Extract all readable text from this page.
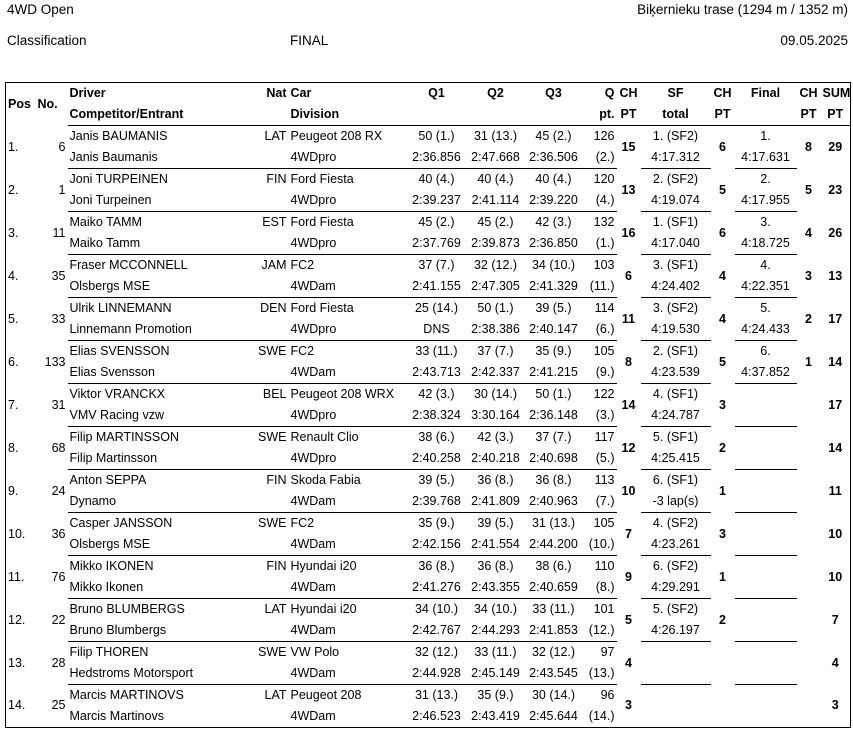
4WD Open	Biķernieku trase (1294 m / 1352 m)
Classification	FINAL	09.05.2025
Pos	No.	Driver	Nat	Car	Q1	Q2	Q3	Q	CH	SF	CH	Final	CH	SUM
		Competitor/Entrant		Division				pt.	PT	total	PT		PT	PT
1.	6	Janis BAUMANIS	LAT	Peugeot 208 RX	50 (1.)	31 (13.)	45 (2.)	126	15	1. (SF2)	6	1.	8	29
		Janis Baumanis		4WDpro	2:36.856	2:47.668	2:36.506	(2.)		4:17.312		4:17.631		
2.	1	Joni TURPEINEN	FIN	Ford Fiesta	40 (4.)	40 (4.)	40 (4.)	120	13	2. (SF2)	5	2.	5	23
		Joni Turpeinen		4WDpro	2:39.237	2:41.114	2:39.220	(4.)		4:19.074		4:17.955		
3.	11	Maiko TAMM	EST	Ford Fiesta	45 (2.)	45 (2.)	42 (3.)	132	16	1. (SF1)	6	3.	4	26
		Maiko Tamm		4WDpro	2:37.769	2:39.873	2:36.850	(1.)		4:17.040		4:18.725		
4.	35	Fraser MCCONNELL	JAM	FC2	37 (7.)	32 (12.)	34 (10.)	103	6	3. (SF1)	4	4.	3	13
		Olsbergs MSE		4WDam	2:41.155	2:47.305	2:41.329	(11.)		4:24.402		4:22.351		
5.	33	Ulrik LINNEMANN	DEN	Ford Fiesta	25 (14.)	50 (1.)	39 (5.)	114	11	3. (SF2)	4	5.	2	17
		Linnemann Promotion		4WDpro	DNS	2:38.386	2:40.147	(6.)		4:19.530		4:24.433		
6.	133	Elias SVENSSON	SWE	FC2	33 (11.)	37 (7.)	35 (9.)	105	8	2. (SF1)	5	6.	1	14
		Elias Svensson		4WDam	2:43.713	2:42.337	2:41.215	(9.)		4:23.539		4:37.852		
7.	31	Viktor VRANCKX	BEL	Peugeot 208 WRX	42 (3.)	30 (14.)	50 (1.)	122	14	4. (SF1)	3			17
		VMV Racing vzw		4WDpro	2:38.324	3:30.164	2:36.148	(3.)		4:24.787				
8.	68	Filip MARTINSSON	SWE	Renault Clio	38 (6.)	42 (3.)	37 (7.)	117	12	5. (SF1)	2			14
		Filip Martinsson		4WDpro	2:40.258	2:40.218	2:40.698	(5.)		4:25.415				
9.	24	Anton SEPPA	FIN	Skoda Fabia	39 (5.)	36 (8.)	36 (8.)	113	10	6. (SF1)	1			11
		Dynamo		4WDam	2:39.768	2:41.809	2:40.963	(7.)		-3 lap(s)				
10.	36	Casper JANSSON	SWE	FC2	35 (9.)	39 (5.)	31 (13.)	105	7	4. (SF2)	3			10
		Olsbergs MSE		4WDam	2:42.156	2:41.554	2:44.200	(10.)		4:23.261				
11.	76	Mikko IKONEN	FIN	Hyundai i20	36 (8.)	36 (8.)	38 (6.)	110	9	6. (SF2)	1			10
		Mikko Ikonen		4WDam	2:41.276	2:43.355	2:40.659	(8.)		4:29.291				
12.	22	Bruno BLUMBERGS	LAT	Hyundai i20	34 (10.)	34 (10.)	33 (11.)	101	5	5. (SF2)	2			7
		Bruno Blumbergs		4WDam	2:42.767	2:44.293	2:41.853	(12.)		4:26.197				
13.	28	Filip THOREN	SWE	VW Polo	32 (12.)	33 (11.)	32 (12.)	97	4					4
		Hedstroms Motorsport		4WDam	2:44.928	2:45.149	2:43.545	(13.)						
14.	25	Marcis MARTINOVS	LAT	Peugeot 208	31 (13.)	35 (9.)	30 (14.)	96	3					3
		Marcis Martinovs		4WDam	2:46.523	2:43.419	2:45.644	(14.)						
